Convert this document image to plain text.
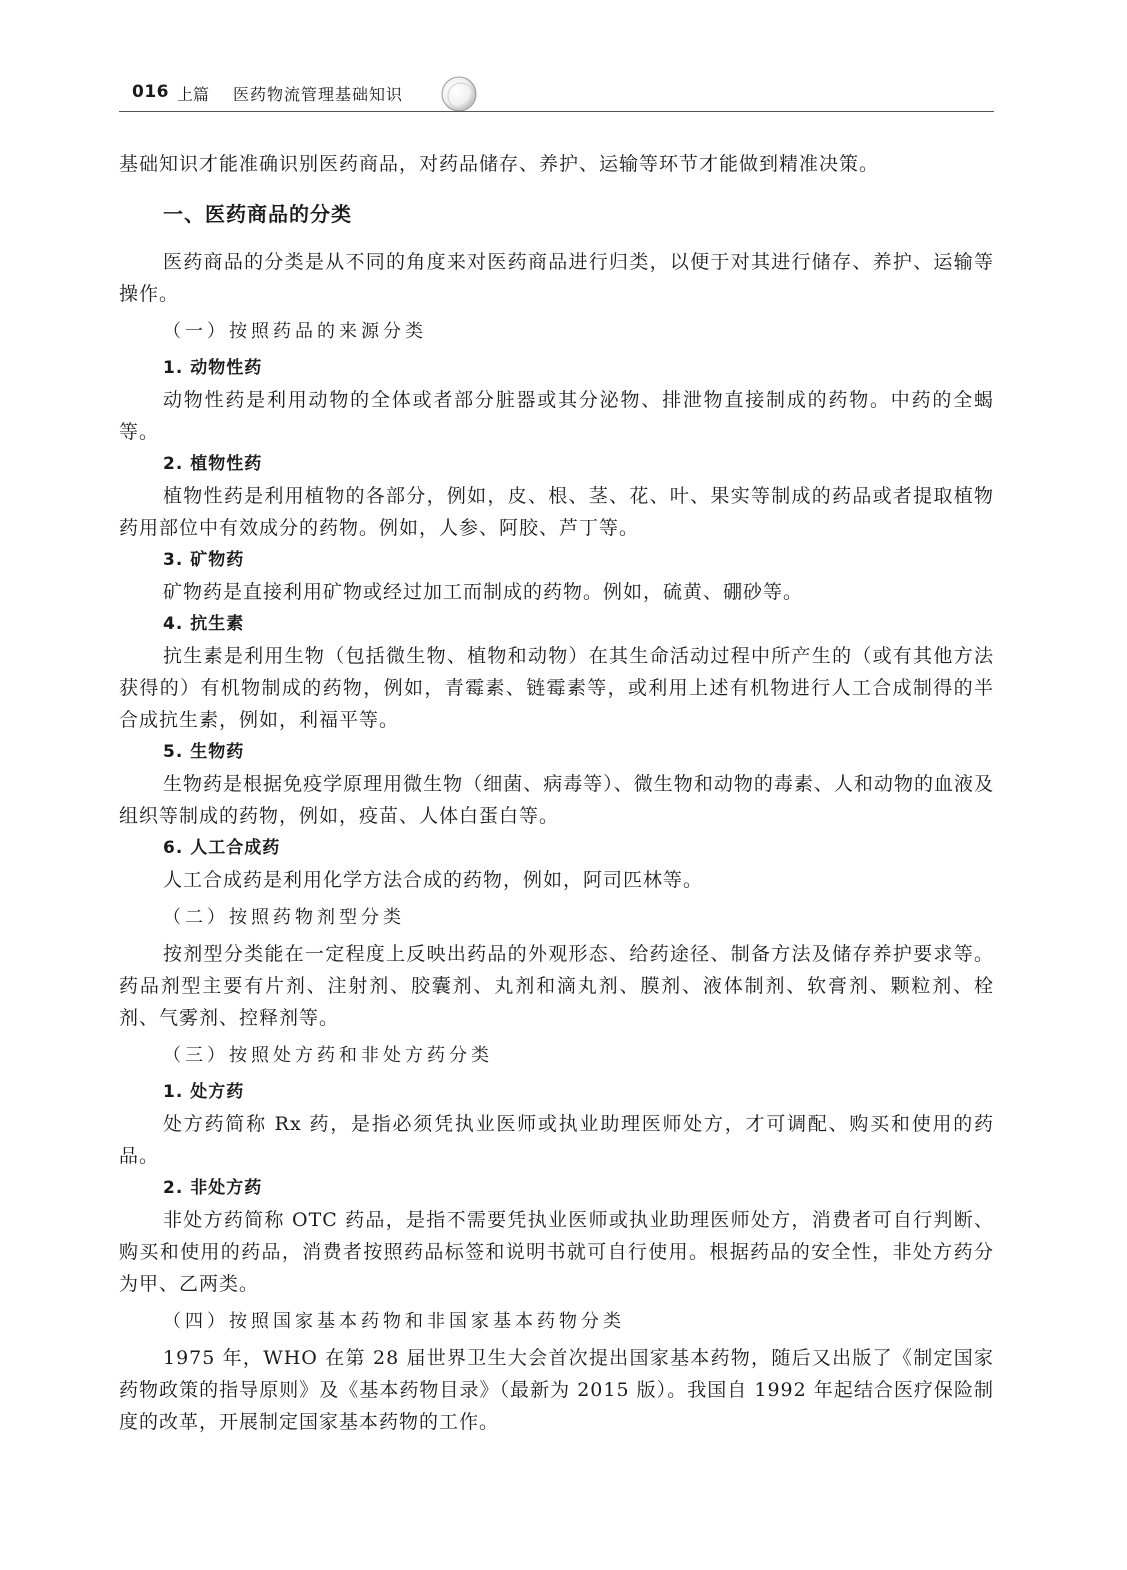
016 上篇 医药物流管理基础知识

基础知识才能准确识别医药商品，对药品储存、养护、运输等环节才能做到精准决策。

一、医药商品的分类

医药商品的分类是从不同的角度来对医药商品进行归类，以便于对其进行储存、养护、运输等操作。

（一）按照药品的来源分类
1. 动物性药

动物性药是利用动物的全体或者部分脏器或其分泌物、排泄物直接制成的药物。中药的全蝎等。

2. 植物性药

植物性药是利用植物的各部分，例如，皮、根、茎、花、叶、果实等制成的药品或者提取植物药用部位中有效成分的药物。例如，人参、阿胶、芦丁等。

3. 矿物药

矿物药是直接利用矿物或经过加工而制成的药物。例如，硫黄、硼砂等。

4. 抗生素

抗生素是利用生物（包括微生物、植物和动物）在其生命活动过程中所产生的（或有其他方法获得的）有机物制成的药物，例如，青霉素、链霉素等，或利用上述有机物进行人工合成制得的半合成抗生素，例如，利福平等。

5. 生物药

生物药是根据免疫学原理用微生物（细菌、病毒等）、微生物和动物的毒素、人和动物的血液及组织等制成的药物，例如，疫苗、人体白蛋白等。

6. 人工合成药

人工合成药是利用化学方法合成的药物，例如，阿司匹林等。

（二）按照药物剂型分类

按剂型分类能在一定程度上反映出药品的外观形态、给药途径、制备方法及储存养护要求等。药品剂型主要有片剂、注射剂、胶囊剂、丸剂和滴丸剂、膜剂、液体制剂、软膏剂、颗粒剂、栓剂、气雾剂、控释剂等。

（三）按照处方药和非处方药分类
1. 处方药

处方药简称 Rx 药，是指必须凭执业医师或执业助理医师处方，才可调配、购买和使用的药品。

2. 非处方药

非处方药简称 OTC 药品，是指不需要凭执业医师或执业助理医师处方，消费者可自行判断、购买和使用的药品，消费者按照药品标签和说明书就可自行使用。根据药品的安全性，非处方药分为甲、乙两类。

（四）按照国家基本药物和非国家基本药物分类

1975 年，WHO 在第 28 届世界卫生大会首次提出国家基本药物，随后又出版了《制定国家药物政策的指导原则》及《基本药物目录》（最新为 2015 版）。我国自 1992 年起结合医疗保险制度的改革，开展制定国家基本药物的工作。
